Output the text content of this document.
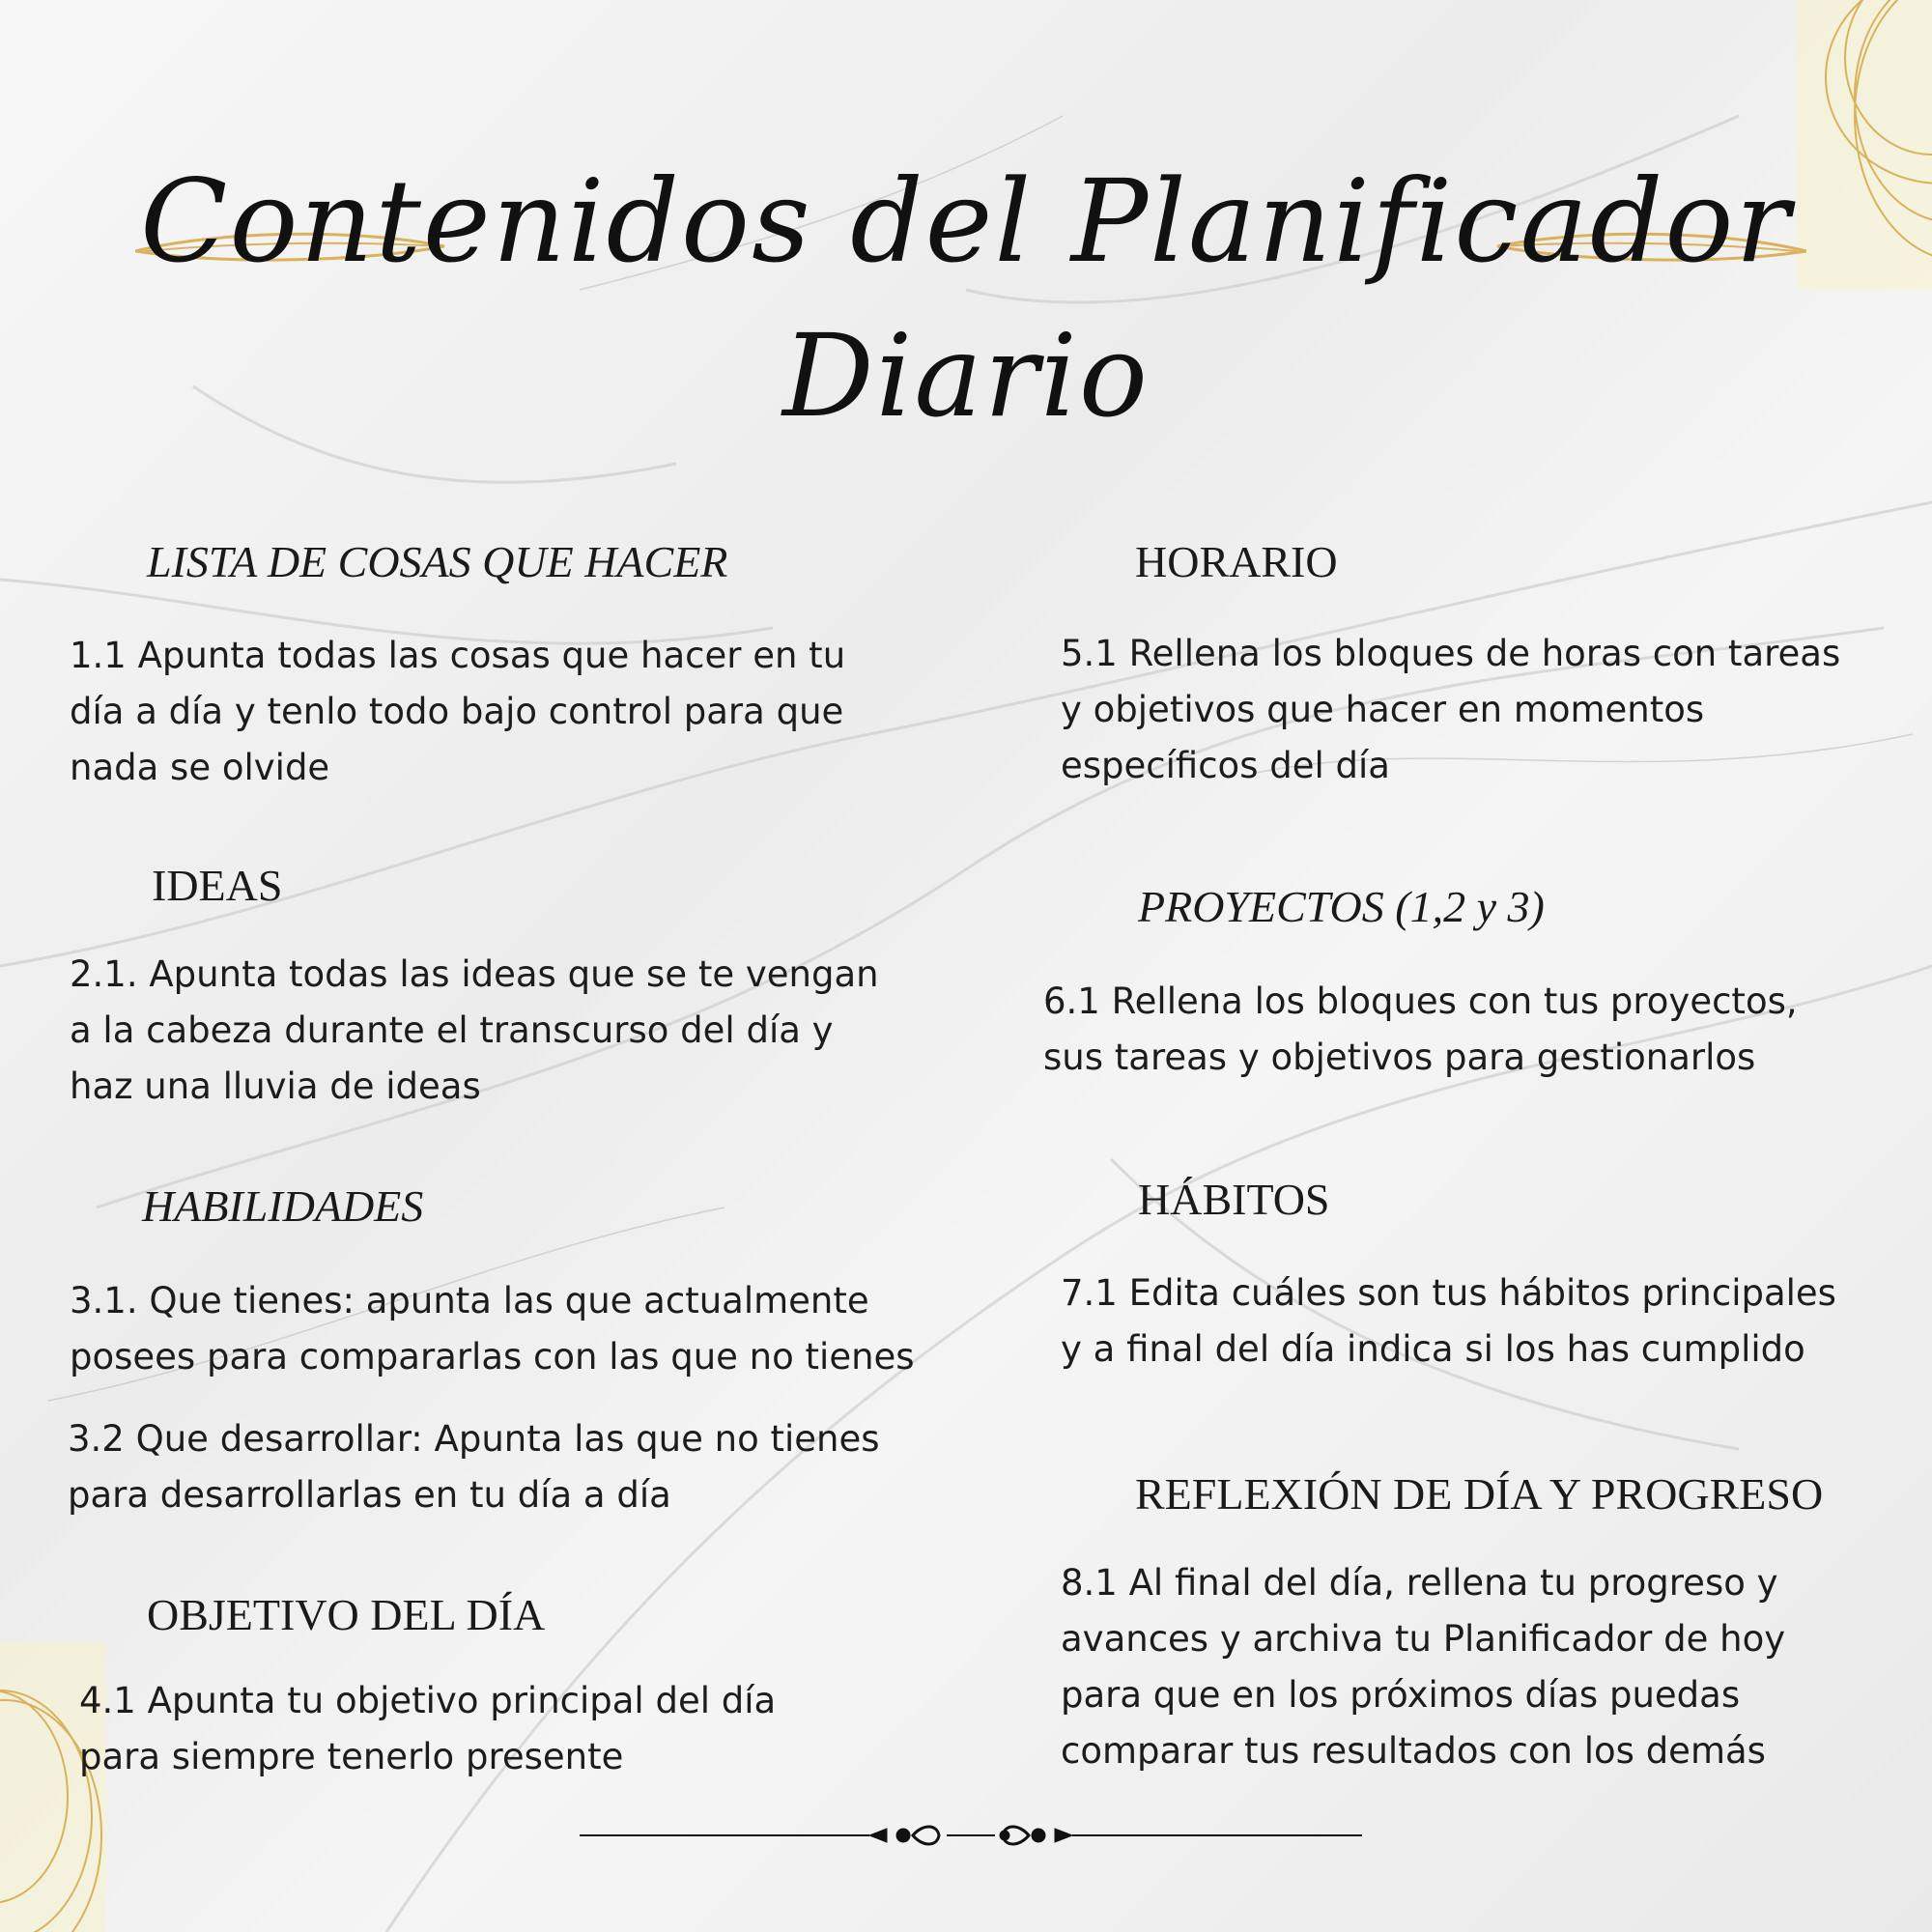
Contenidos del Planificador
Diario
LISTA DE COSAS QUE HACER
1.1 Apunta todas las cosas que hacer en tu
día a día y tenlo todo bajo control para que
nada se olvide
IDEAS
2.1. Apunta todas las ideas que se te vengan
a la cabeza durante el transcurso del día y
haz una lluvia de ideas
HABILIDADES
3.1. Que tienes: apunta las que actualmente
posees para compararlas con las que no tienes
3.2 Que desarrollar: Apunta las que no tienes
para desarrollarlas en tu día a día
OBJETIVO DEL DÍA
4.1 Apunta tu objetivo principal del día
para siempre tenerlo presente
HORARIO
5.1 Rellena los bloques de horas con tareas
y objetivos que hacer en momentos
específicos del día
PROYECTOS (1,2 y 3)
6.1 Rellena los bloques con tus proyectos,
sus tareas y objetivos para gestionarlos
HÁBITOS
7.1 Edita cuáles son tus hábitos principales
y a final del día indica si los has cumplido
REFLEXIÓN DE DÍA Y PROGRESO
8.1 Al final del día, rellena tu progreso y
avances y archiva tu Planificador de hoy
para que en los próximos días puedas
comparar tus resultados con los demás
